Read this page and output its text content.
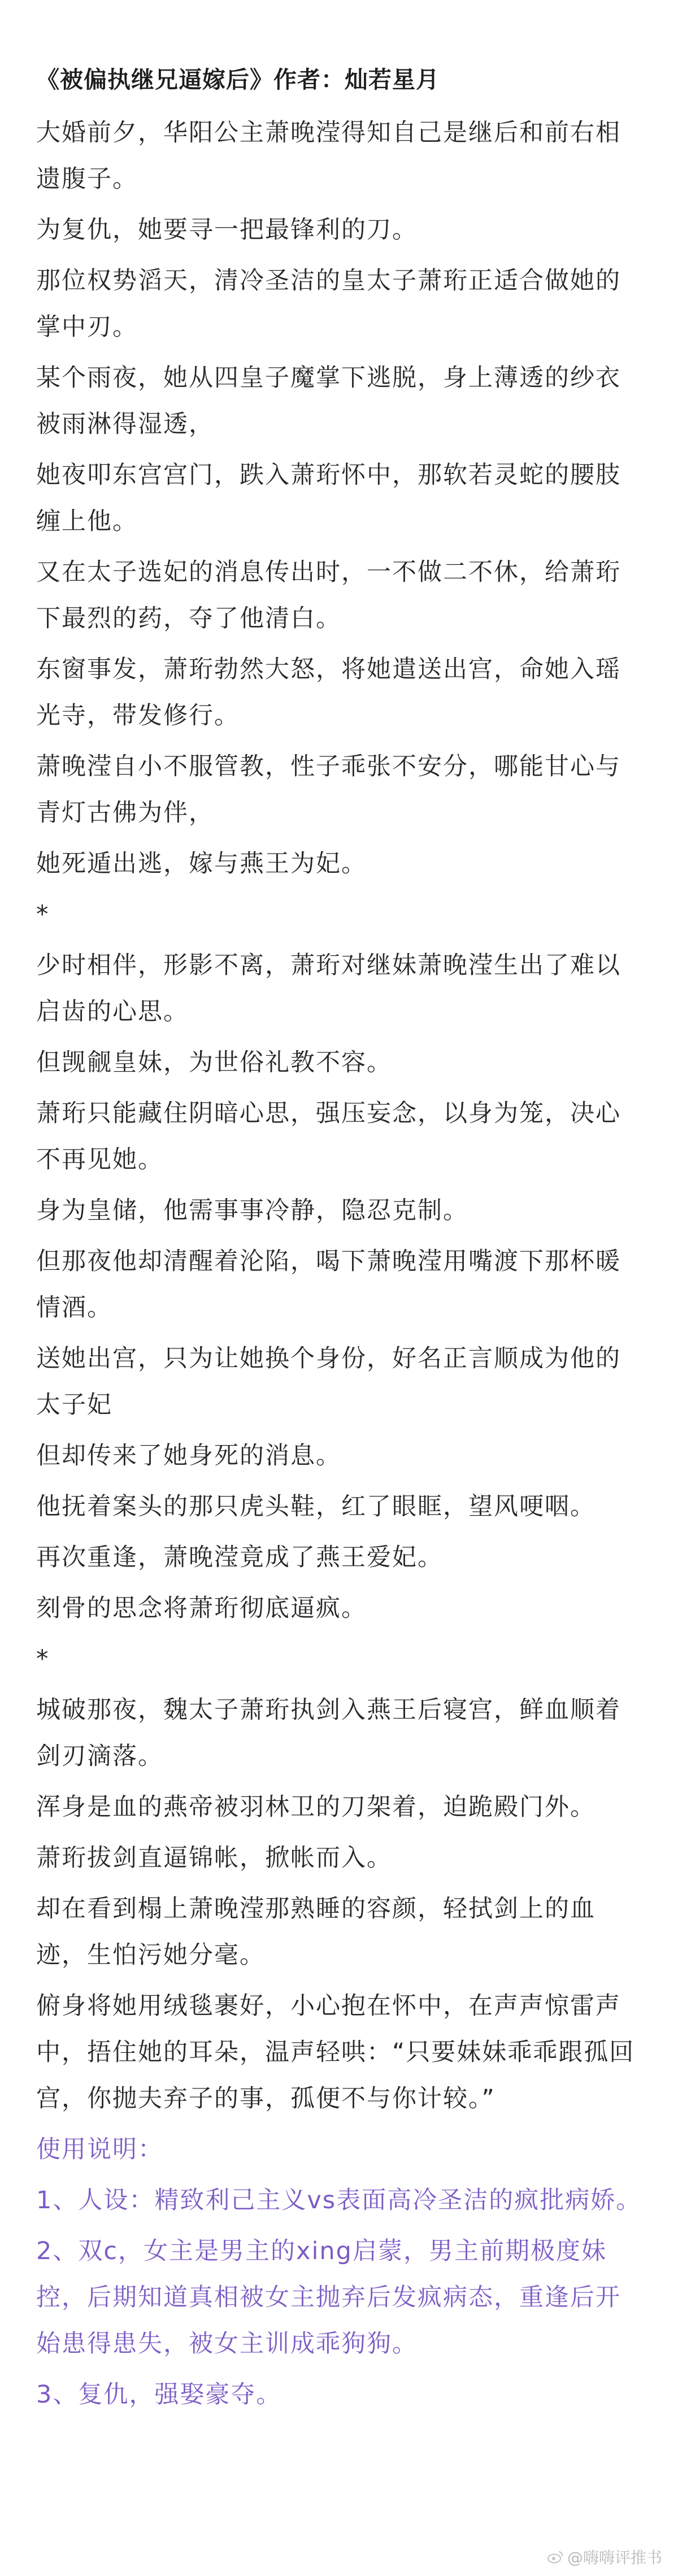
《被偏执继兄逼嫁后》作者：灿若星月
大婚前夕，华阳公主萧晚滢得知自己是继后和前右相遗腹子。
为复仇，她要寻一把最锋利的刀。
那位权势滔天，清冷圣洁的皇太子萧珩正适合做她的掌中刃。
某个雨夜，她从四皇子魔掌下逃脱，身上薄透的纱衣被雨淋得湿透，
她夜叩东宫宫门，跌入萧珩怀中，那软若灵蛇的腰肢缠上他。
又在太子选妃的消息传出时，一不做二不休，给萧珩下最烈的药，夺了他清白。
东窗事发，萧珩勃然大怒，将她遣送出宫，命她入瑶光寺，带发修行。
萧晚滢自小不服管教，性子乖张不安分，哪能甘心与青灯古佛为伴，
她死遁出逃，嫁与燕王为妃。
*
少时相伴，形影不离，萧珩对继妹萧晚滢生出了难以启齿的心思。
但觊觎皇妹，为世俗礼教不容。
萧珩只能藏住阴暗心思，强压妄念，以身为笼，决心不再见她。
身为皇储，他需事事冷静，隐忍克制。
但那夜他却清醒着沦陷，喝下萧晚滢用嘴渡下那杯暖情酒。
送她出宫，只为让她换个身份，好名正言顺成为他的太子妃
但却传来了她身死的消息。
他抚着案头的那只虎头鞋，红了眼眶，望风哽咽。
再次重逢，萧晚滢竟成了燕王爱妃。
刻骨的思念将萧珩彻底逼疯。
*
城破那夜，魏太子萧珩执剑入燕王后寝宫，鲜血顺着剑刃滴落。
浑身是血的燕帝被羽林卫的刀架着，迫跪殿门外。
萧珩拔剑直逼锦帐，掀帐而入。
却在看到榻上萧晚滢那熟睡的容颜，轻拭剑上的血迹，生怕污她分毫。
俯身将她用绒毯裹好，小心抱在怀中，在声声惊雷声中，捂住她的耳朵，温声轻哄：“只要妹妹乖乖跟孤回宫，你抛夫弃子的事，孤便不与你计较。”
使用说明：
1、人设：精致利己主义vs表面高冷圣洁的疯批病娇。
2、双c，女主是男主的xing启蒙，男主前期极度妹控，后期知道真相被女主抛弃后发疯病态，重逢后开始患得患失，被女主训成乖狗狗。
3、复仇，强娶豪夺。
@嗨嗨评推书
